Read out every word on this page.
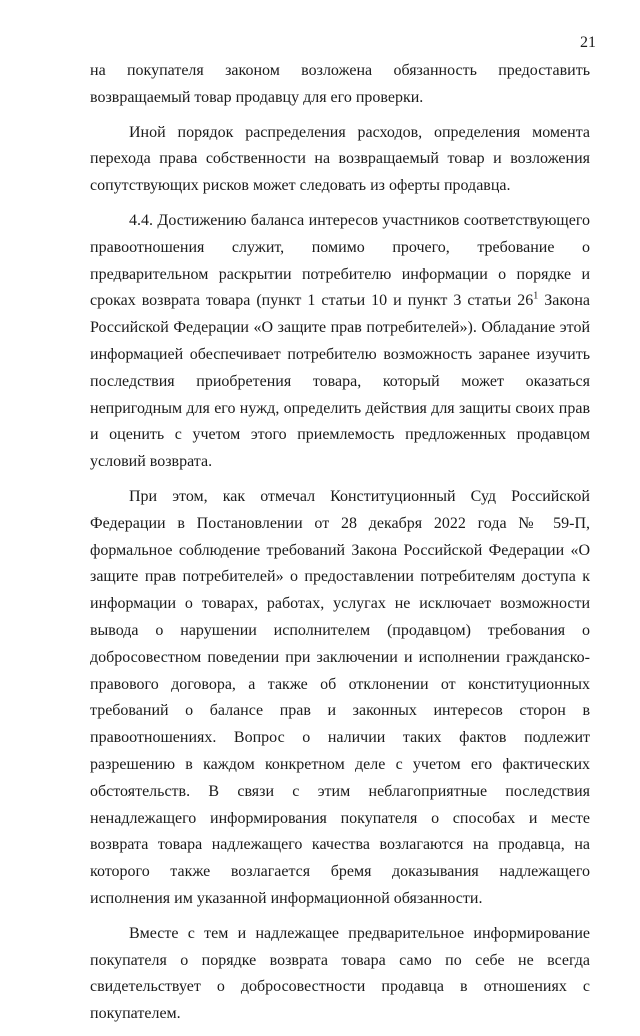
21

на покупателя законом возложена обязанность предоставить возвращаемый товар продавцу для его проверки.

Иной порядок распределения расходов, определения момента перехода права собственности на возвращаемый товар и возложения сопутствующих рисков может следовать из оферты продавца.

4.4. Достижению баланса интересов участников соответствующего правоотношения служит, помимо прочего, требование о предварительном раскрытии потребителю информации о порядке и сроках возврата товара (пункт 1 статьи 10 и пункт 3 статьи $26^1$ Закона Российской Федерации «О защите прав потребителей»). Обладание этой информацией обеспечивает потребителю возможность заранее изучить последствия приобретения товара, который может оказаться непригодным для его нужд, определить действия для защиты своих прав и оценить с учетом этого приемлемость предложенных продавцом условий возврата.

При этом, как отмечал Конституционный Суд Российской Федерации в Постановлении от 28 декабря 2022 года № 59-П, формальное соблюдение требований Закона Российской Федерации «О защите прав потребителей» о предоставлении потребителям доступа к информации о товарах, работах, услугах не исключает возможности вывода о нарушении исполнителем (продавцом) требования о добросовестном поведении при заключении и исполнении гражданско-правового договора, а также об отклонении от конституционных требований о балансе прав и законных интересов сторон в правоотношениях. Вопрос о наличии таких фактов подлежит разрешению в каждом конкретном деле с учетом его фактических обстоятельств. В связи с этим неблагоприятные последствия ненадлежащего информирования покупателя о способах и месте возврата товара надлежащего качества возлагаются на продавца, на которого также возлагается бремя доказывания надлежащего исполнения им указанной информационной обязанности.

Вместе с тем и надлежащее предварительное информирование покупателя о порядке возврата товара само по себе не всегда свидетельствует о добросовестности продавца в отношениях с покупателем.
